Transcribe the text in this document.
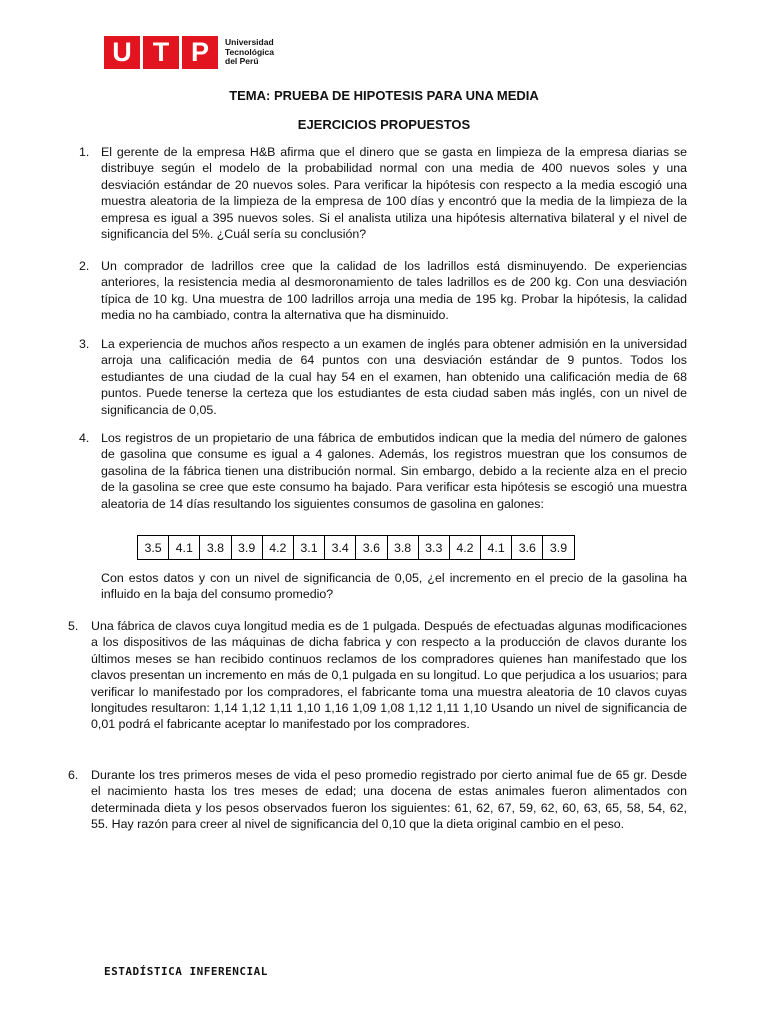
U T P	Universidad
Tecnológica
del Perú
TEMA: PRUEBA DE HIPOTESIS PARA UNA MEDIA
EJERCICIOS PROPUESTOS
1. El gerente de la empresa H&B afirma que el dinero que se gasta en limpieza de la empresa diarias se distribuye según el modelo de la probabilidad normal con una media de 400 nuevos soles y una desviación estándar de 20 nuevos soles. Para verificar la hipótesis con respecto a la media escogió una muestra aleatoria de la limpieza de la empresa de 100 días y encontró que la media de la limpieza de la empresa es igual a 395 nuevos soles. Si el analista utiliza una hipótesis alternativa bilateral y el nivel de significancia del 5%. ¿Cuál sería su conclusión?
2. Un comprador de ladrillos cree que la calidad de los ladrillos está disminuyendo. De experiencias anteriores, la resistencia media al desmoronamiento de tales ladrillos es de 200 kg. Con una desviación típica de 10 kg. Una muestra de 100 ladrillos arroja una media de 195 kg. Probar la hipótesis, la calidad media no ha cambiado, contra la alternativa que ha disminuido.
3. La experiencia de muchos años respecto a un examen de inglés para obtener admisión en la universidad arroja una calificación media de 64 puntos con una desviación estándar de 9 puntos. Todos los estudiantes de una ciudad de la cual hay 54 en el examen, han obtenido una calificación media de 68 puntos. Puede tenerse la certeza que los estudiantes de esta ciudad saben más inglés, con un nivel de significancia de 0,05.
4. Los registros de un propietario de una fábrica de embutidos indican que la media del número de galones de gasolina que consume es igual a 4 galones. Además, los registros muestran que los consumos de gasolina de la fábrica tienen una distribución normal. Sin embargo, debido a la reciente alza en el precio de la gasolina se cree que este consumo ha bajado. Para verificar esta hipótesis se escogió una muestra aleatoria de 14 días resultando los siguientes consumos de gasolina en galones:
3.5	4.1	3.8	3.9	4.2	3.1	3.4	3.6	3.8	3.3	4.2	4.1	3.6	3.9
Con estos datos y con un nivel de significancia de 0,05, ¿el incremento en el precio de la gasolina ha influido en la baja del consumo promedio?
5. Una fábrica de clavos cuya longitud media es de 1 pulgada. Después de efectuadas algunas modificaciones a los dispositivos de las máquinas de dicha fabrica y con respecto a la producción de clavos durante los últimos meses se han recibido continuos reclamos de los compradores quienes han manifestado que los clavos presentan un incremento en más de 0,1 pulgada en su longitud. Lo que perjudica a los usuarios; para verificar lo manifestado por los compradores, el fabricante toma una muestra aleatoria de 10 clavos cuyas longitudes resultaron: 1,14 1,12 1,11 1,10 1,16 1,09 1,08 1,12 1,11 1,10 Usando un nivel de significancia de 0,01 podrá el fabricante aceptar lo manifestado por los compradores.
6. Durante los tres primeros meses de vida el peso promedio registrado por cierto animal fue de 65 gr. Desde el nacimiento hasta los tres meses de edad; una docena de estas animales fueron alimentados con determinada dieta y los pesos observados fueron los siguientes: 61, 62, 67, 59, 62, 60, 63, 65, 58, 54, 62, 55. Hay razón para creer al nivel de significancia del 0,10 que la dieta original cambio en el peso.
ESTADÍSTICA INFERENCIAL
